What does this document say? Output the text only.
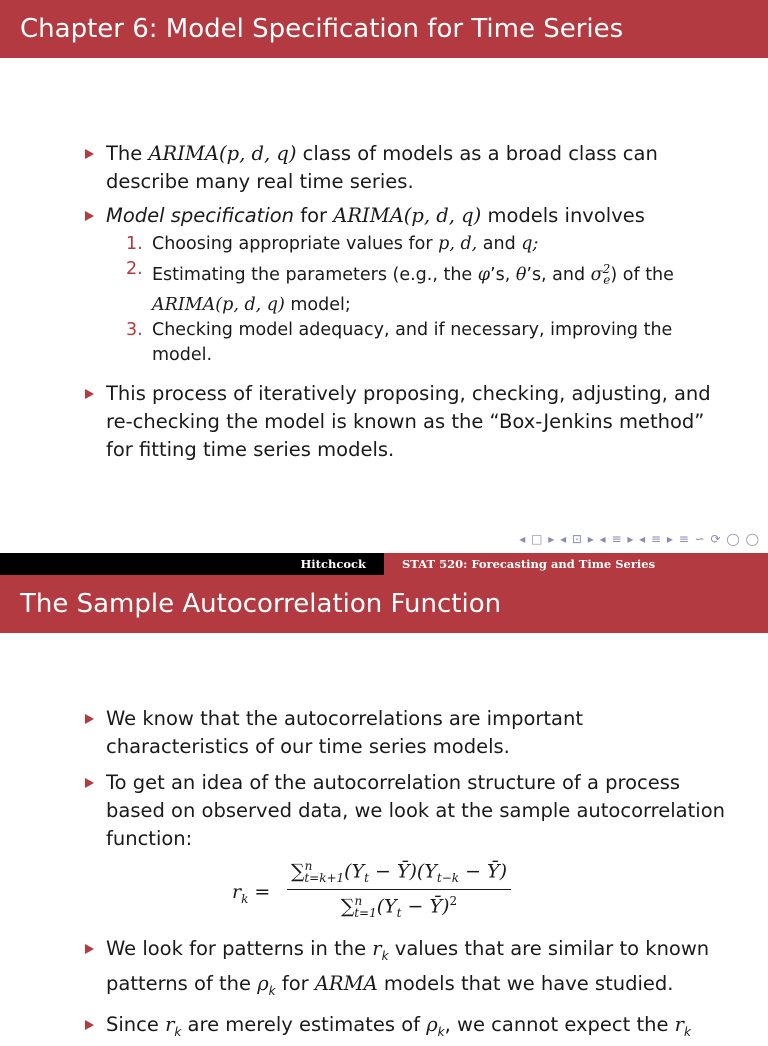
Chapter 6: Model Specification for Time Series
The ARIMA(p, d, q) class of models as a broad class can describe many real time series.
Model specification for ARIMA(p, d, q) models involves
1. Choosing appropriate values for p, d, and q;
2. Estimating the parameters (e.g., the φ’s, θ’s, and $\sigma^2_e$) of the ARIMA(p, d, q) model;
3. Checking model adequacy, and if necessary, improving the model.
This process of iteratively proposing, checking, adjusting, and re-checking the model is known as the “Box-Jenkins method” for fitting time series models.
◂ □ ▸ ◂ ⊡ ▸ ◂ ≡ ▸ ◂ ≡ ▸ ≡ ∽ ⟳ ◯ ◯
Hitchcock	STAT 520: Forecasting and Time Series
The Sample Autocorrelation Function
We know that the autocorrelations are important characteristics of our time series models.
To get an idea of the autocorrelation structure of a process based on observed data, we look at the sample autocorrelation function:
$r_k = \frac{\sum^n_{t=k+1}(Y_t - Ȳ)(Y_{t-k} - Ȳ)}{\sum^n_{t=1}(Y_t - Ȳ)^2}$
We look for patterns in the $r_k$ values that are similar to known patterns of the $\rho_k$ for ARMA models that we have studied.
Since $r_k$ are merely estimates of $\rho_k$, we cannot expect the $r_k$
